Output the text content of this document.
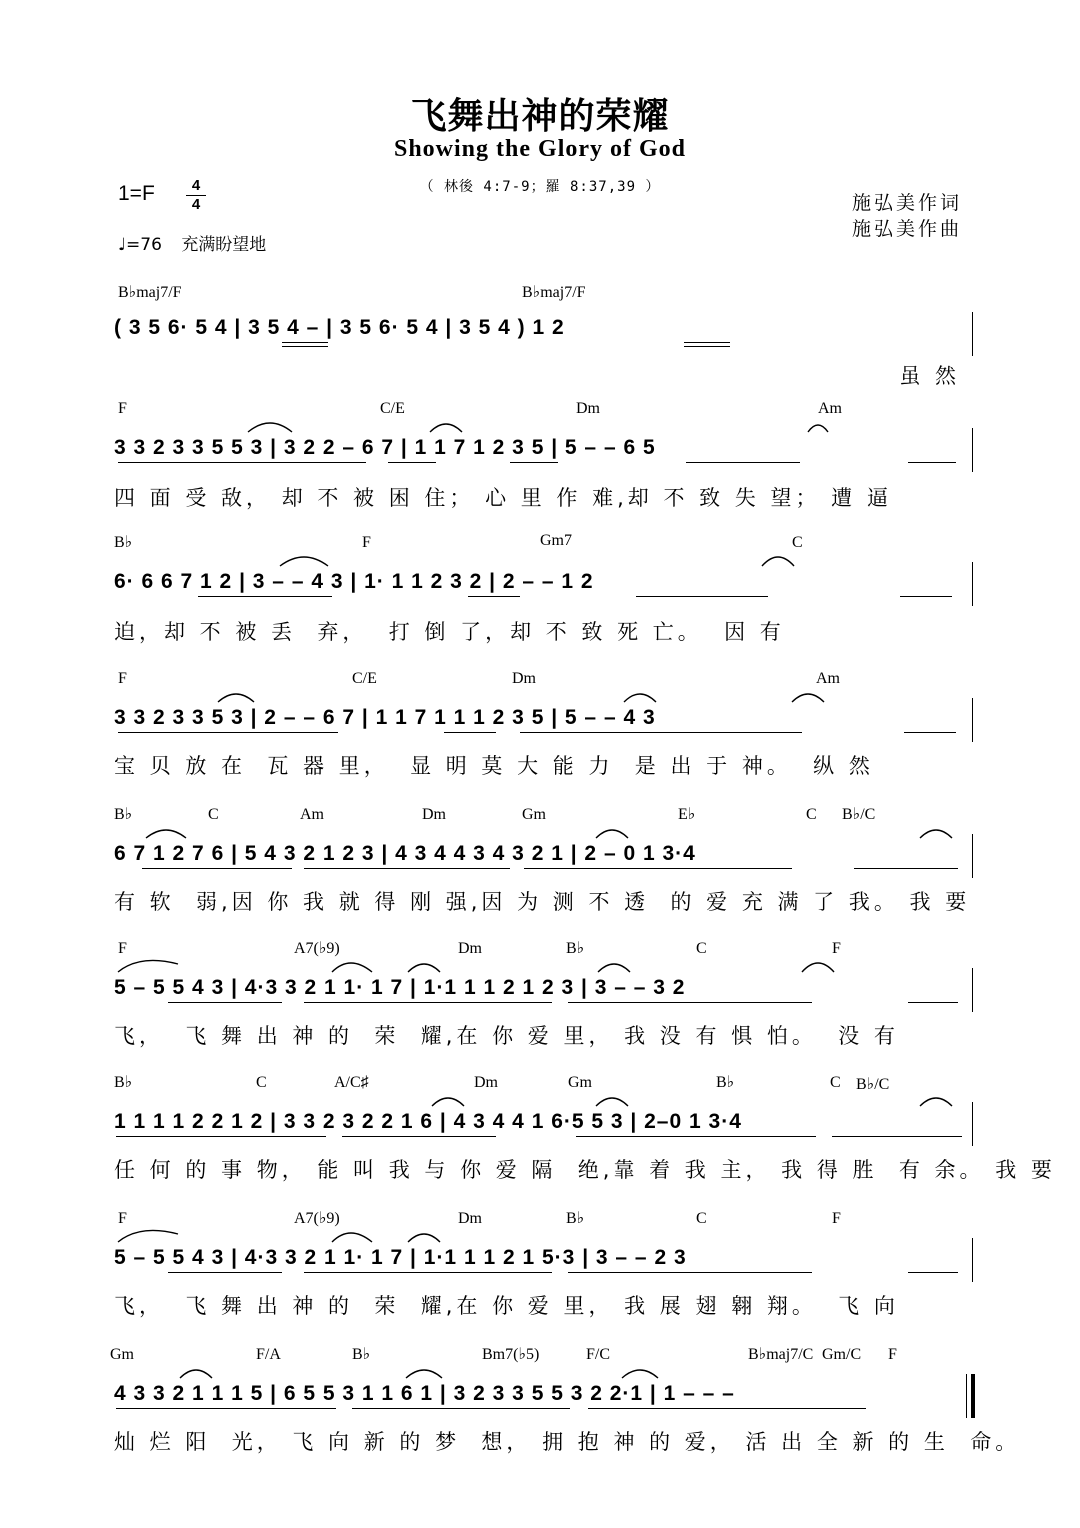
飞舞出神的荣耀
Showing the Glory of God
（ 林後 4:7-9；羅 8:37,39 ）
施弘美作词
施弘美作曲
1=F	4
4
♩=76 充满盼望地
B♭maj7/F	B♭maj7/F
( 3 5 6· 5 4 | 3 5 4 – | 3 5 6· 5 4 | 3 5 4 ) 1 2
虽 然
F	C/E	Dm	Am
3 3 2 3 3 5 5 3 | 3 2 2 – 6 7 | 1 1 7 1 2 3 5 | 5 – – 6 5
四 面 受 敌， 却 不 被 困 住； 心 里 作 难,却 不 致 失 望； 遭 逼
B♭	F	Gm7	C
6· 6 6 7 1 2 | 3 – – 4 3 | 1· 1 1 2 3 2 | 2 – – 1 2
迫，却 不 被 丢  弃，  打 倒 了，却 不 致 死 亡。  因 有
F	C/E	Dm	Am
3 3 2 3 3 5 3 | 2 – – 6 7 | 1 1 7 1 1 1 2 3 5 | 5 – – 4 3
宝 贝 放 在  瓦 器 里，  显 明 莫 大 能 力  是 出 于 神。  纵 然
B♭	C	Am	Dm	Gm	E♭	C B♭/C
6 7 1 2 7 6 | 5 4 3 2 1 2 3 | 4 3 4 4 3 4 3 2 1 | 2 – 0 1 3·4
有 软  弱,因 你 我 就 得 刚 强,因 为 测 不 透  的 爱 充 满 了 我。 我 要
F	A7(♭9)	Dm	B♭	C	F
5 – 5 5 4 3 | 4·3 3 2 1 1· 1 7 | 1·1 1 1 2 1 2 3 | 3 – – 3 2
飞，  飞 舞 出 神 的  荣  耀,在 你 爱 里， 我 没 有 惧 怕。  没 有
B♭	C	A/C♯	Dm	Gm	B♭	C B♭/C
1 1 1 1 2 2 1 2 | 3 3 2 3 2 2 1 6 | 4 3 4 4 1 6·5 5 3 | 2–0 1 3·4
任 何 的 事 物， 能 叫 我 与 你 爱 隔  绝,靠 着 我 主， 我 得 胜  有 余。 我 要
F	A7(♭9)	Dm	B♭	C	F
5 – 5 5 4 3 | 4·3 3 2 1 1· 1 7 | 1·1 1 1 2 1 5·3 | 3 – – 2 3
飞，  飞 舞 出 神 的  荣  耀,在 你 爱 里， 我 展 翅 翱 翔。  飞 向
Gm	F/A	B♭	Bm7(♭5)	F/C	B♭maj7/C Gm/C F
4 3 3 2 1 1 1 5 | 6 5 5 3 1 1 6 1 | 3 2 3 3 5 5 3 2 2·1 | 1 – – –
灿 烂 阳  光， 飞 向 新 的 梦  想， 拥 抱 神 的 爱， 活 出 全 新 的 生  命。
